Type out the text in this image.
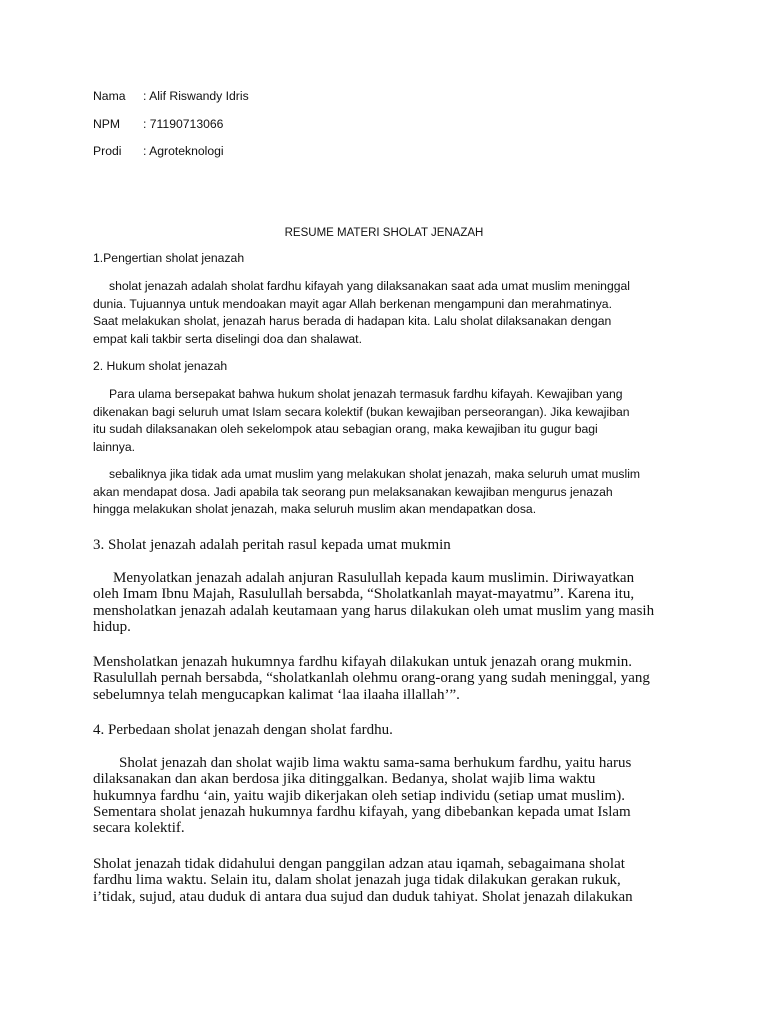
Nama : Alif Riswandy Idris
NPM : 71190713066
Prodi : Agroteknologi
RESUME MATERI SHOLAT JENAZAH
1.Pengertian sholat jenazah
sholat jenazah adalah sholat fardhu kifayah yang dilaksanakan saat ada umat muslim meninggal
dunia. Tujuannya untuk mendoakan mayit agar Allah berkenan mengampuni dan merahmatinya.
Saat melakukan sholat, jenazah harus berada di hadapan kita. Lalu sholat dilaksanakan dengan
empat kali takbir serta diselingi doa dan shalawat.
2. Hukum sholat jenazah
Para ulama bersepakat bahwa hukum sholat jenazah termasuk fardhu kifayah. Kewajiban yang
dikenakan bagi seluruh umat Islam secara kolektif (bukan kewajiban perseorangan). Jika kewajiban
itu sudah dilaksanakan oleh sekelompok atau sebagian orang, maka kewajiban itu gugur bagi
lainnya.
sebaliknya jika tidak ada umat muslim yang melakukan sholat jenazah, maka seluruh umat muslim
akan mendapat dosa. Jadi apabila tak seorang pun melaksanakan kewajiban mengurus jenazah
hingga melakukan sholat jenazah, maka seluruh muslim akan mendapatkan dosa.
3. Sholat jenazah adalah peritah rasul kepada umat mukmin
Menyolatkan jenazah adalah anjuran Rasulullah kepada kaum muslimin. Diriwayatkan
oleh Imam Ibnu Majah, Rasulullah bersabda, “Sholatkanlah mayat-mayatmu”. Karena itu,
mensholatkan jenazah adalah keutamaan yang harus dilakukan oleh umat muslim yang masih
hidup.
Mensholatkan jenazah hukumnya fardhu kifayah dilakukan untuk jenazah orang mukmin.
Rasulullah pernah bersabda, “sholatkanlah olehmu orang-orang yang sudah meninggal, yang
sebelumnya telah mengucapkan kalimat ‘laa ilaaha illallah’”.
4. Perbedaan sholat jenazah dengan sholat fardhu.
Sholat jenazah dan sholat wajib lima waktu sama-sama berhukum fardhu, yaitu harus
dilaksanakan dan akan berdosa jika ditinggalkan. Bedanya, sholat wajib lima waktu
hukumnya fardhu ‘ain, yaitu wajib dikerjakan oleh setiap individu (setiap umat muslim).
Sementara sholat jenazah hukumnya fardhu kifayah, yang dibebankan kepada umat Islam
secara kolektif.
Sholat jenazah tidak didahului dengan panggilan adzan atau iqamah, sebagaimana sholat
fardhu lima waktu. Selain itu, dalam sholat jenazah juga tidak dilakukan gerakan rukuk,
i’tidak, sujud, atau duduk di antara dua sujud dan duduk tahiyat. Sholat jenazah dilakukan
